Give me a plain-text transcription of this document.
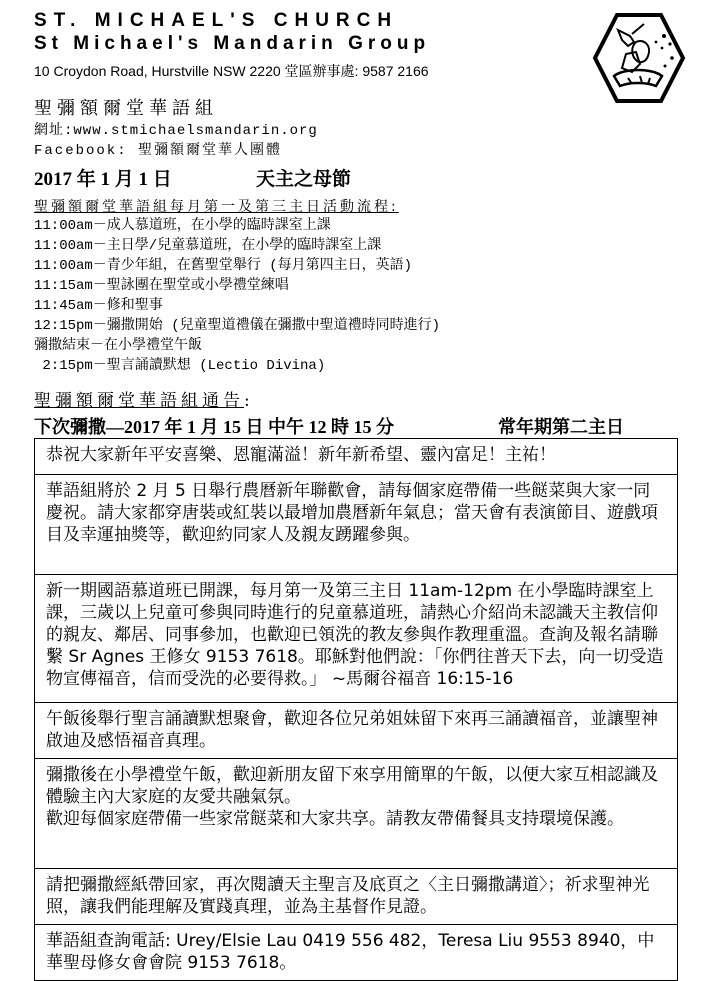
ST. MICHAEL'S CHURCH
St Michael's Mandarin Group
10 Croydon Road, Hurstville NSW 2220 堂區辦事處: 9587 2166
聖彌額爾堂華語組
網址:www.stmichaelsmandarin.org
Facebook: 聖彌額爾堂華人團體
2017 年 1 月 1 日	天主之母節
聖彌額爾堂華語組每月第一及第三主日活動流程:
11:00am－成人慕道班，在小學的臨時課室上課
11:00am－主日學/兒童慕道班，在小學的臨時課室上課
11:00am－青少年組，在舊聖堂舉行 (每月第四主日，英語)
11:15am－聖詠團在聖堂或小學禮堂練唱
11:45am－修和聖事
12:15pm－彌撒開始 (兒童聖道禮儀在彌撒中聖道禮時同時進行)
彌撒結束－在小學禮堂午飯
2:15pm－聖言誦讀默想 (Lectio Divina)
聖彌額爾堂華語組通告:
下次彌撒—2017 年 1 月 15 日 中午 12 時 15 分	常年期第二主日
恭祝大家新年平安喜樂、恩寵滿溢！新年新希望、靈內富足！主祐！
華語組將於 2 月 5 日舉行農曆新年聯歡會，請每個家庭帶備一些餸菜與大家一同慶祝。請大家都穿唐裝或紅裝以最增加農曆新年氣息；當天會有表演節目、遊戲項目及幸運抽獎等，歡迎約同家人及親友踴躍參與。
新一期國語慕道班已開課，每月第一及第三主日 11am-12pm 在小學臨時課室上課，三歲以上兒童可參與同時進行的兒童慕道班，請熱心介紹尚未認識天主教信仰的親友、鄰居、同事參加，也歡迎已領洗的教友參與作教理重溫。查詢及報名請聯繫 Sr Agnes 王修女 9153 7618。耶穌對他們說：「你們往普天下去，向一切受造物宣傳福音，信而受洗的必要得救。」 ~馬爾谷福音 16:15-16
午飯後舉行聖言誦讀默想聚會，歡迎各位兄弟姐妹留下來再三誦讀福音，並讓聖神啟迪及感悟福音真理。
彌撒後在小學禮堂午飯，歡迎新朋友留下來享用簡單的午飯，以便大家互相認識及體驗主內大家庭的友愛共融氣氛。
歡迎每個家庭帶備一些家常餸菜和大家共享。請教友帶備餐具支持環境保護。
請把彌撒經紙帶回家，再次閱讀天主聖言及底頁之〈主日彌撒講道〉；祈求聖神光照，讓我們能理解及實踐真理，並為主基督作見證。
華語組查詢電話: Urey/Elsie Lau 0419 556 482，Teresa Liu 9553 8940，中華聖母修女會會院 9153 7618。
